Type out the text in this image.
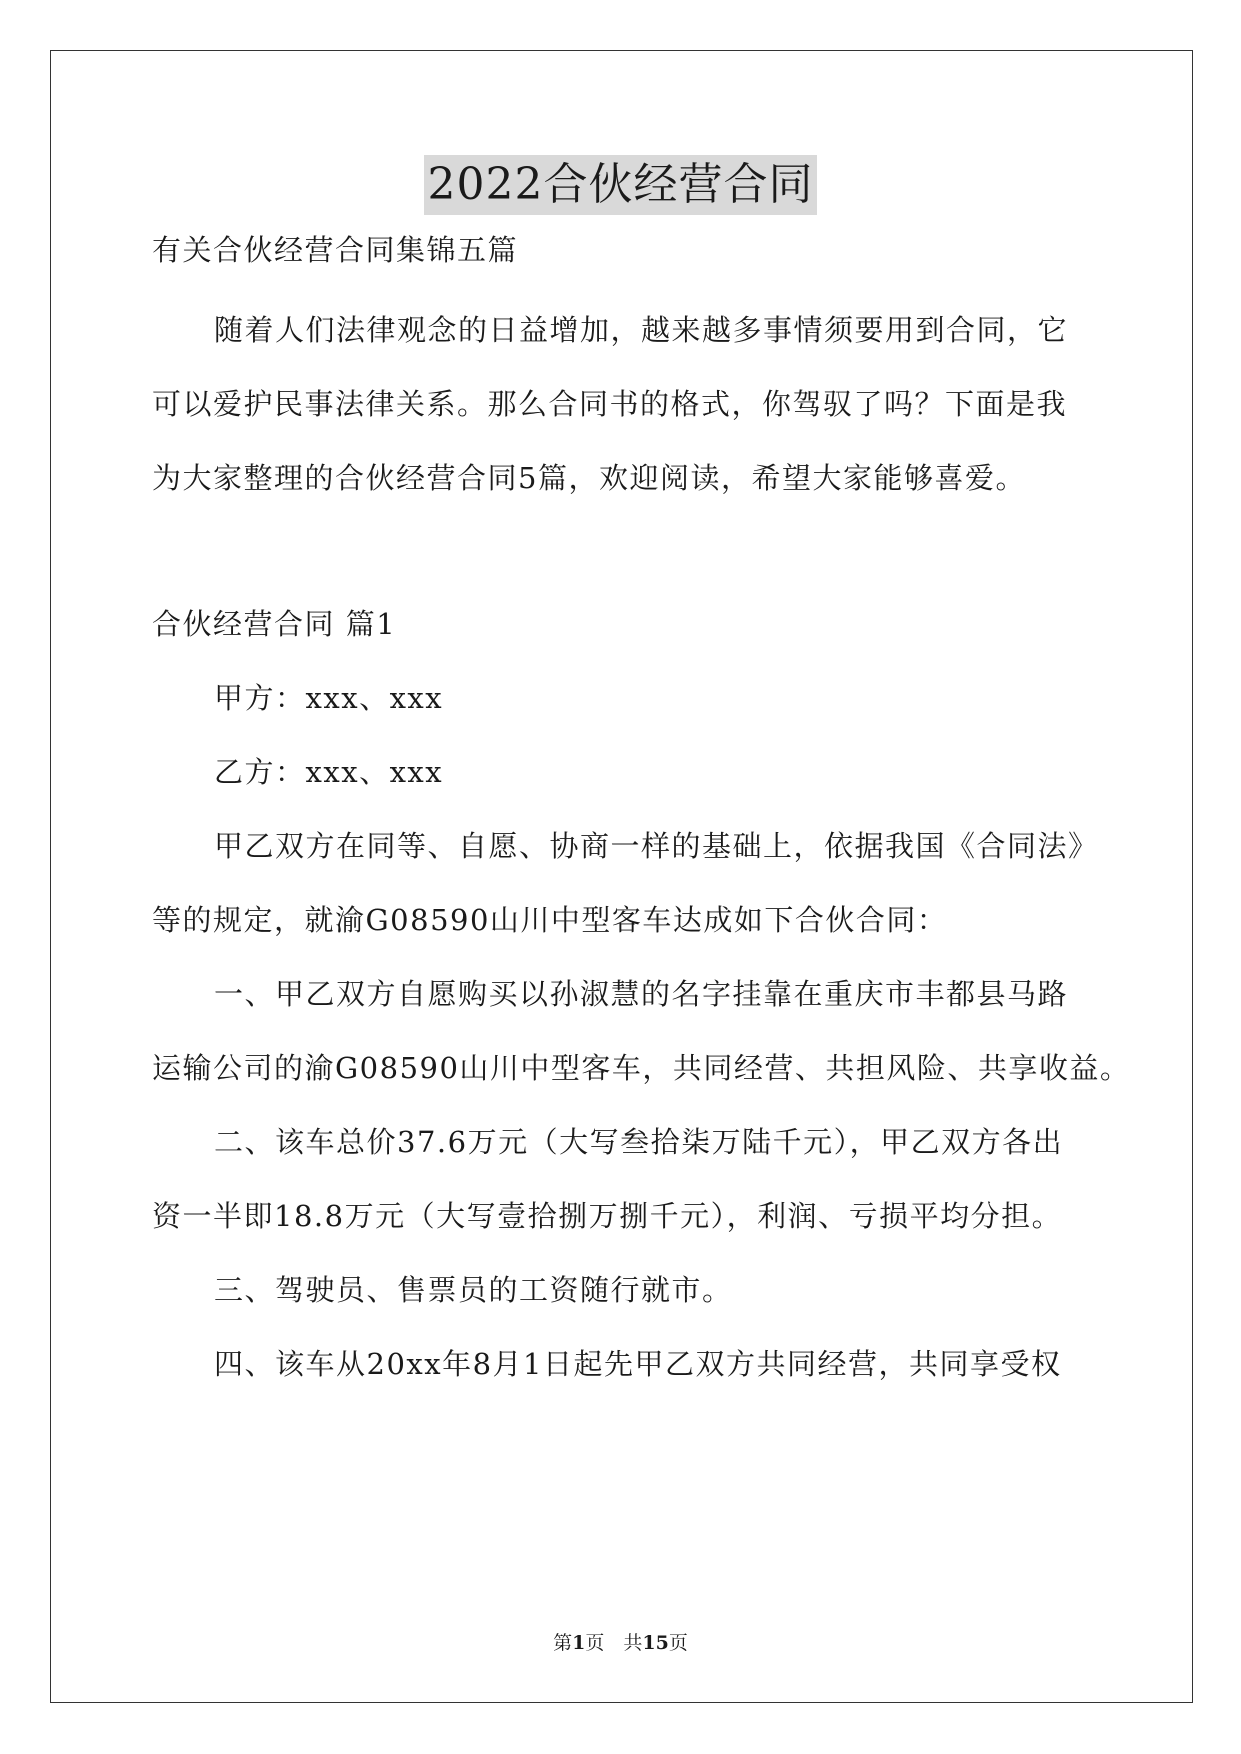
2022合伙经营合同
有关合伙经营合同集锦五篇
随着人们法律观念的日益增加，越来越多事情须要用到合同，它
可以爱护民事法律关系。那么合同书的格式，你驾驭了吗？下面是我
为大家整理的合伙经营合同5篇，欢迎阅读，希望大家能够喜爱。
合伙经营合同 篇1
甲方：xxx、xxx
乙方：xxx、xxx
甲乙双方在同等、自愿、协商一样的基础上，依据我国《合同法》
等的规定，就渝G08590山川中型客车达成如下合伙合同：
一、甲乙双方自愿购买以孙淑慧的名字挂靠在重庆市丰都县马路
运输公司的渝G08590山川中型客车，共同经营、共担风险、共享收益。
二、该车总价37.6万元（大写叁拾柒万陆千元），甲乙双方各出
资一半即18.8万元（大写壹拾捌万捌千元），利润、亏损平均分担。
三、驾驶员、售票员的工资随行就市。
四、该车从20xx年8月1日起先甲乙双方共同经营，共同享受权
第1页　共15页
